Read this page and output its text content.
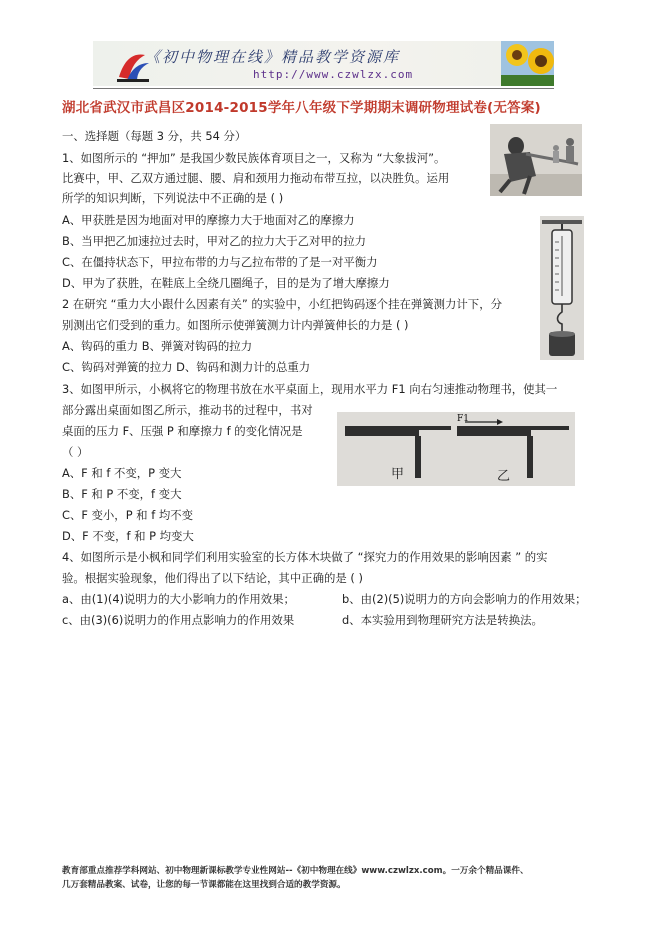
《初中物理在线》精品教学资源库
http://www.czwlzx.com
湖北省武汉市武昌区2014-2015学年八年级下学期期末调研物理试卷(无答案)
一、选择题（每题 3 分，共 54 分）
1、如图所示的 “押加” 是我国少数民族体育项目之一，又称为 “大象拔河”。
比赛中，甲、乙双方通过腿、腰、肩和颈用力拖动布带互拉，以决胜负。运用
所学的知识判断，下列说法中不正确的是 ( )
A、甲获胜是因为地面对甲的摩擦力大于地面对乙的摩擦力
B、当甲把乙加速拉过去时，甲对乙的拉力大于乙对甲的拉力
C、在僵持状态下，甲拉布带的力与乙拉布带的了是一对平衡力
D、甲为了获胜，在鞋底上全绕几圈绳子，目的是为了增大摩擦力
2 在研究 “重力大小跟什么因素有关” 的实验中，小红把钩码逐个挂在弹簧测力计下，分
别测出它们受到的重力。如图所示使弹簧测力计内弹簧伸长的力是 ( )
A、钩码的重力 B、弹簧对钩码的拉力
C、钩码对弹簧的拉力 D、钩码和测力计的总重力
3、如图甲所示，小枫将它的物理书放在水平桌面上，现用水平力 F1 向右匀速推动物理书，使其一
部分露出桌面如图乙所示，推动书的过程中，书对
桌面的压力 F、压强 P 和摩擦力 f 的变化情况是
（ ）
A、F 和 f 不变，P 变大
B、F 和 P 不变，f 变大
C、F 变小，P 和 f 均不变
D、F 不变，f 和 P 均变大
4、如图所示是小枫和同学们利用实验室的长方体木块做了 “探究力的作用效果的影响因素 ” 的实
验。根据实验现象，他们得出了以下结论，其中正确的是 ( )
a、由(1)(4)说明力的大小影响力的作用效果；	b、由(2)(5)说明力的方向会影响力的作用效果；
c、由(3)(6)说明力的作用点影响力的作用效果	d、本实验用到物理研究方法是转换法。
F1
甲	乙
教育部重点推荐学科网站、初中物理新课标教学专业性网站--《初中物理在线》www.czwlzx.com。一万余个精品课件、
几万套精品教案、试卷，让您的每一节课都能在这里找到合适的教学资源。
